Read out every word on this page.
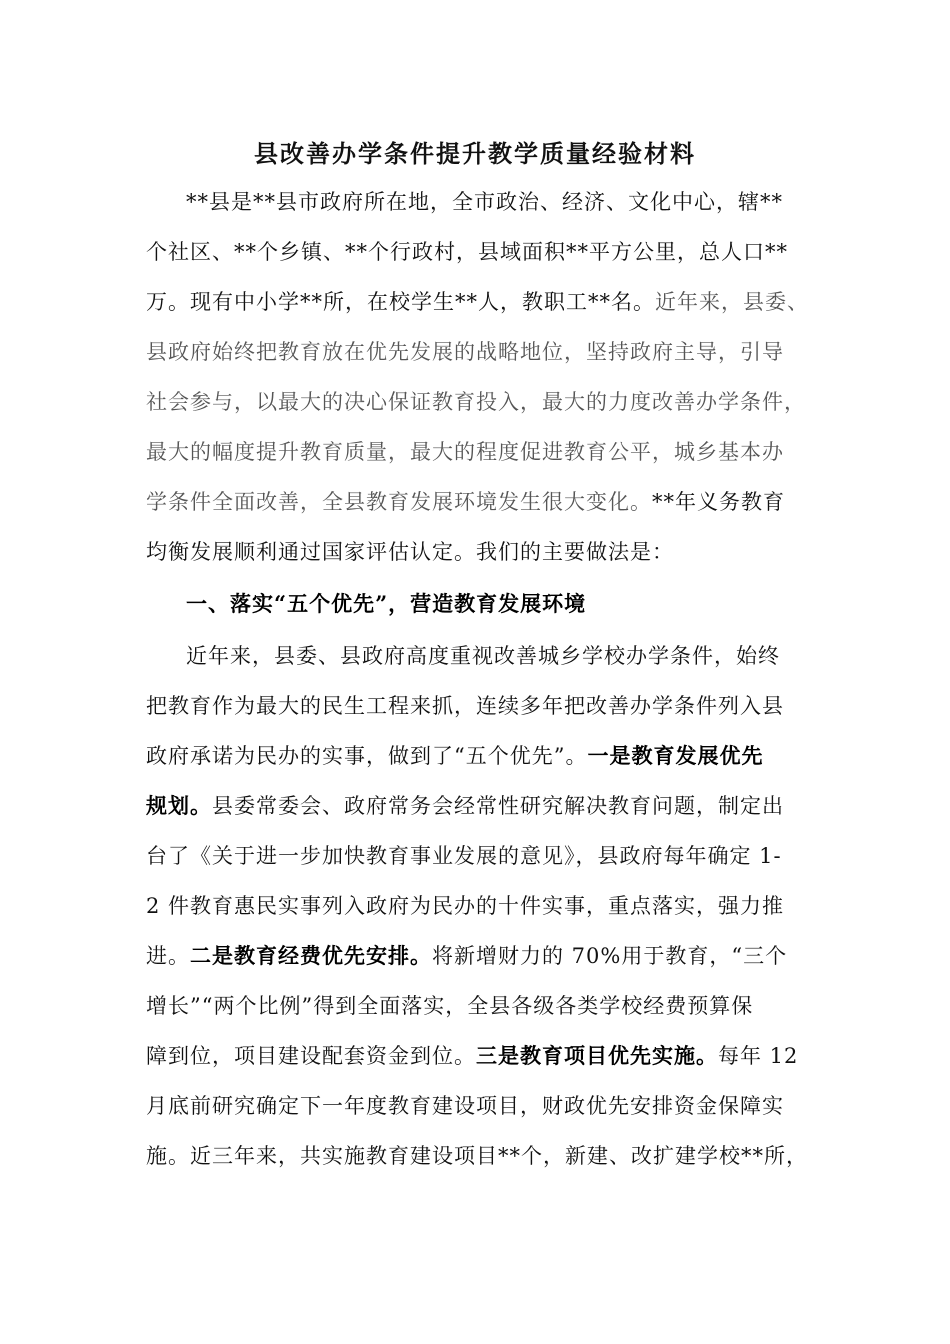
县改善办学条件提升教学质量经验材料
**县是**县市政府所在地，全市政治、经济、文化中心，辖**
个社区、**个乡镇、**个行政村，县域面积**平方公里，总人口**
万。现有中小学**所，在校学生**人，教职工**名。近年来，县委、
县政府始终把教育放在优先发展的战略地位，坚持政府主导，引导
社会参与，以最大的决心保证教育投入，最大的力度改善办学条件，
最大的幅度提升教育质量，最大的程度促进教育公平，城乡基本办
学条件全面改善，全县教育发展环境发生很大变化。**年义务教育
均衡发展顺利通过国家评估认定。我们的主要做法是：
一、落实“五个优先”，营造教育发展环境
近年来，县委、县政府高度重视改善城乡学校办学条件，始终
把教育作为最大的民生工程来抓，连续多年把改善办学条件列入县
政府承诺为民办的实事，做到了“五个优先”。一是教育发展优先
规划。县委常委会、政府常务会经常性研究解决教育问题，制定出
台了《关于进一步加快教育事业发展的意见》，县政府每年确定 1-
2 件教育惠民实事列入政府为民办的十件实事，重点落实，强力推
进。二是教育经费优先安排。将新增财力的 70%用于教育，“三个
增长”“两个比例”得到全面落实，全县各级各类学校经费预算保
障到位，项目建设配套资金到位。三是教育项目优先实施。每年 12
月底前研究确定下一年度教育建设项目，财政优先安排资金保障实
施。近三年来，共实施教育建设项目**个，新建、改扩建学校**所，
